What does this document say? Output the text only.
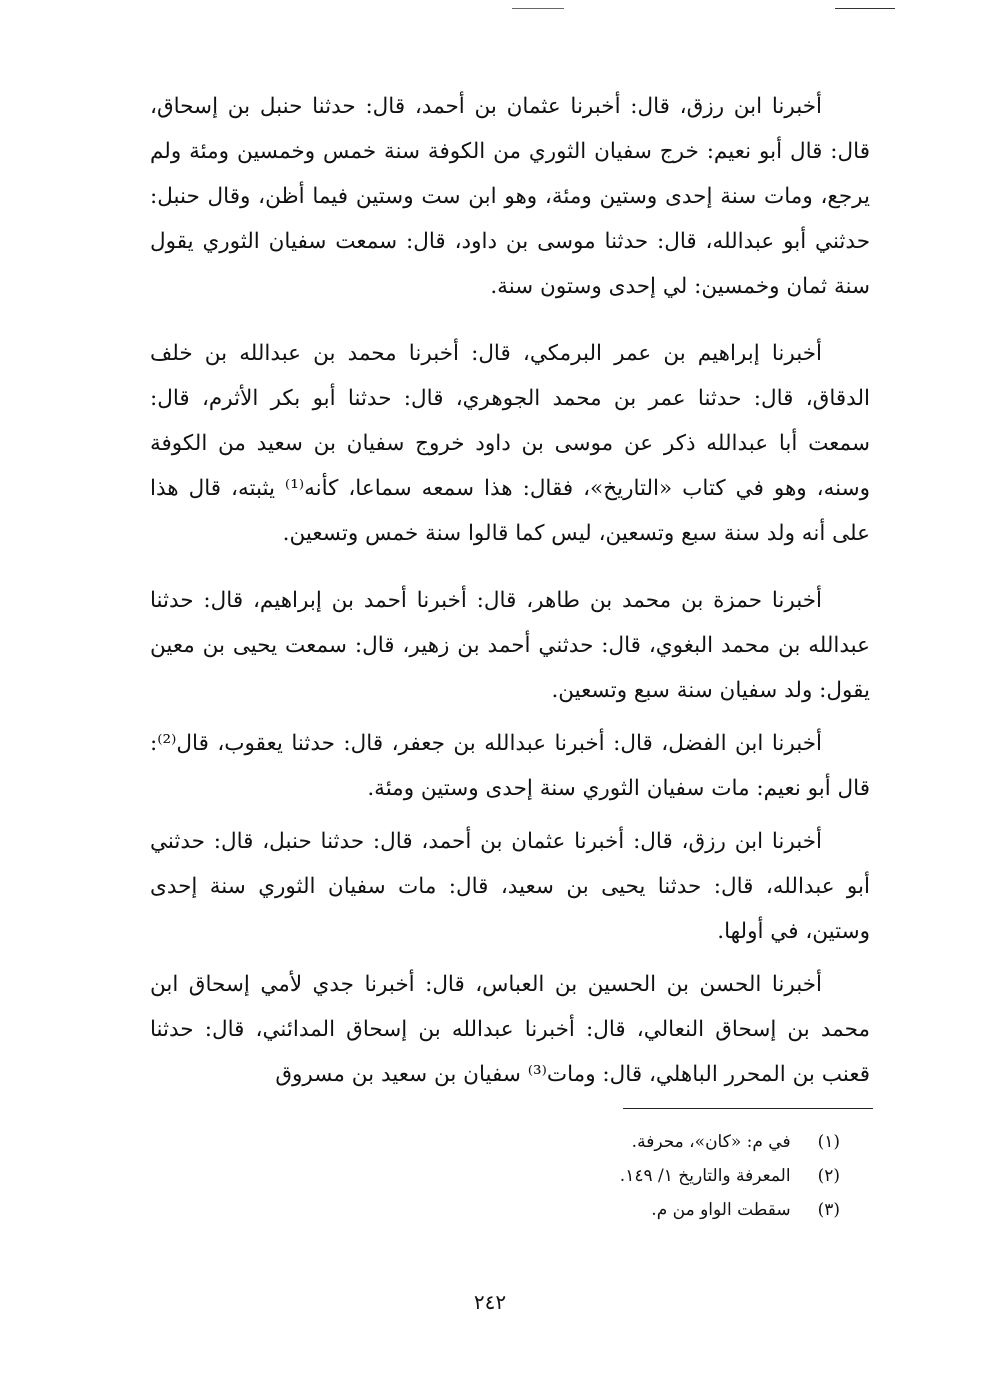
أخبرنا ابن رزق، قال: أخبرنا عثمان بن أحمد، قال: حدثنا حنبل بن إسحاق، قال: قال أبو نعيم: خرج سفيان الثوري من الكوفة سنة خمس وخمسين ومئة ولم يرجع، ومات سنة إحدى وستين ومئة، وهو ابن ست وستين فيما أظن، وقال حنبل: حدثني أبو عبدالله، قال: حدثنا موسى بن داود، قال: سمعت سفيان الثوري يقول سنة ثمان وخمسين: لي إحدى وستون سنة.

أخبرنا إبراهيم بن عمر البرمكي، قال: أخبرنا محمد بن عبدالله بن خلف الدقاق، قال: حدثنا عمر بن محمد الجوهري، قال: حدثنا أبو بكر الأثرم، قال: سمعت أبا عبدالله ذكر عن موسى بن داود خروج سفيان بن سعيد من الكوفة وسنه، وهو في كتاب «التاريخ»، فقال: هذا سمعه سماعا، كأنه⁽¹⁾ يثبته، قال هذا على أنه ولد سنة سبع وتسعين، ليس كما قالوا سنة خمس وتسعين.

أخبرنا حمزة بن محمد بن طاهر، قال: أخبرنا أحمد بن إبراهيم، قال: حدثنا عبدالله بن محمد البغوي، قال: حدثني أحمد بن زهير، قال: سمعت يحيى بن معين يقول: ولد سفيان سنة سبع وتسعين.

أخبرنا ابن الفضل، قال: أخبرنا عبدالله بن جعفر، قال: حدثنا يعقوب، قال⁽²⁾: قال أبو نعيم: مات سفيان الثوري سنة إحدى وستين ومئة.

أخبرنا ابن رزق، قال: أخبرنا عثمان بن أحمد، قال: حدثنا حنبل، قال: حدثني أبو عبدالله، قال: حدثنا يحيى بن سعيد، قال: مات سفيان الثوري سنة إحدى وستين، في أولها.

أخبرنا الحسن بن الحسين بن العباس، قال: أخبرنا جدي لأمي إسحاق ابن محمد بن إسحاق النعالي، قال: أخبرنا عبدالله بن إسحاق المدائني، قال: حدثنا قعنب بن المحرر الباهلي، قال: ومات⁽³⁾ سفيان بن سعيد بن مسروق

(١) في م: «كان»، محرفة.
(٢) المعرفة والتاريخ ١/ ١٤٩.
(٣) سقطت الواو من م.
٢٤٢
